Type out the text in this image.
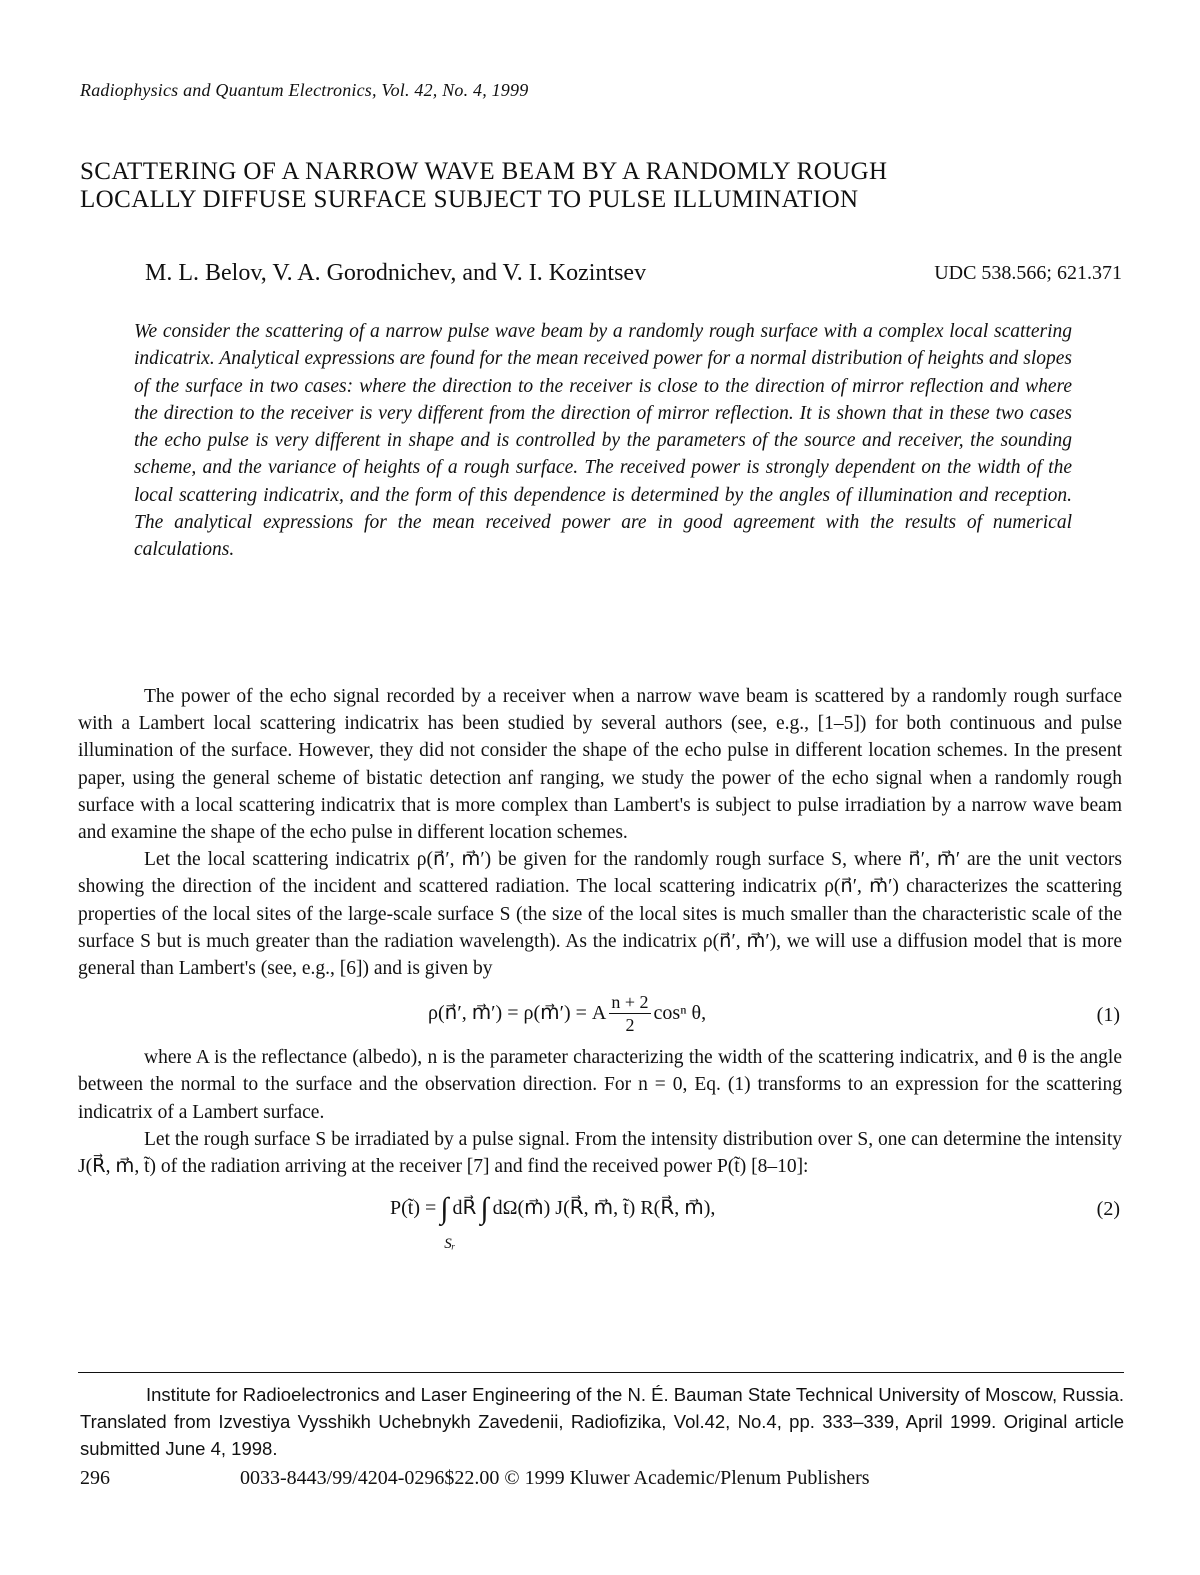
Radiophysics and Quantum Electronics, Vol. 42, No. 4, 1999
SCATTERING OF A NARROW WAVE BEAM BY A RANDOMLY ROUGH
LOCALLY DIFFUSE SURFACE SUBJECT TO PULSE ILLUMINATION
M. L. Belov, V. A. Gorodnichev, and V. I. Kozintsev	UDC 538.566; 621.371
We consider the scattering of a narrow pulse wave beam by a randomly rough surface with a complex local scattering indicatrix. Analytical expressions are found for the mean received power for a normal distribution of heights and slopes of the surface in two cases: where the direction to the receiver is close to the direction of mirror reflection and where the direction to the receiver is very different from the direction of mirror reflection. It is shown that in these two cases the echo pulse is very different in shape and is controlled by the parameters of the source and receiver, the sounding scheme, and the variance of heights of a rough surface. The received power is strongly dependent on the width of the local scattering indicatrix, and the form of this dependence is determined by the angles of illumination and reception. The analytical expressions for the mean received power are in good agreement with the results of numerical calculations.

The power of the echo signal recorded by a receiver when a narrow wave beam is scattered by a randomly rough surface with a Lambert local scattering indicatrix has been studied by several authors (see, e.g., [1–5]) for both continuous and pulse illumination of the surface. However, they did not consider the shape of the echo pulse in different location schemes. In the present paper, using the general scheme of bistatic detection anf ranging, we study the power of the echo signal when a randomly rough surface with a local scattering indicatrix that is more complex than Lambert's is subject to pulse irradiation by a narrow wave beam and examine the shape of the echo pulse in different location schemes.

Let the local scattering indicatrix ρ(n⃗′, m⃗′) be given for the randomly rough surface S, where n⃗′, m⃗′ are the unit vectors showing the direction of the incident and scattered radiation. The local scattering indicatrix ρ(n⃗′, m⃗′) characterizes the scattering properties of the local sites of the large-scale surface S (the size of the local sites is much smaller than the characteristic scale of the surface S but is much greater than the radiation wavelength). As the indicatrix ρ(n⃗′, m⃗′), we will use a diffusion model that is more general than Lambert's (see, e.g., [6]) and is given by

ρ(n⃗′, m⃗′) = ρ(m⃗′) = A $\frac{n + 2}{2}$ cosⁿ θ,	(1)

where A is the reflectance (albedo), n is the parameter characterizing the width of the scattering indicatrix, and θ is the angle between the normal to the surface and the observation direction. For n = 0, Eq. (1) transforms to an expression for the scattering indicatrix of a Lambert surface.

Let the rough surface S be irradiated by a pulse signal. From the intensity distribution over S, one can determine the intensity J(R⃗, m⃗, t̃) of the radiation arriving at the receiver [7] and find the received power P(t̃) [8–10]:

P(t̃) = ∫
Sᵣ
dR⃗ ∫ dΩ(m⃗) J(R⃗, m⃗, t̃) R(R⃗, m⃗),	(2)

Institute for Radioelectronics and Laser Engineering of the N. É. Bauman State Technical University of Moscow, Russia. Translated from Izvestiya Vysshikh Uchebnykh Zavedenii, Radiofizika, Vol.42, No.4, pp. 333–339, April 1999. Original article submitted June 4, 1998.

296	0033-8443/99/4204-0296$22.00 © 1999 Kluwer Academic/Plenum Publishers
